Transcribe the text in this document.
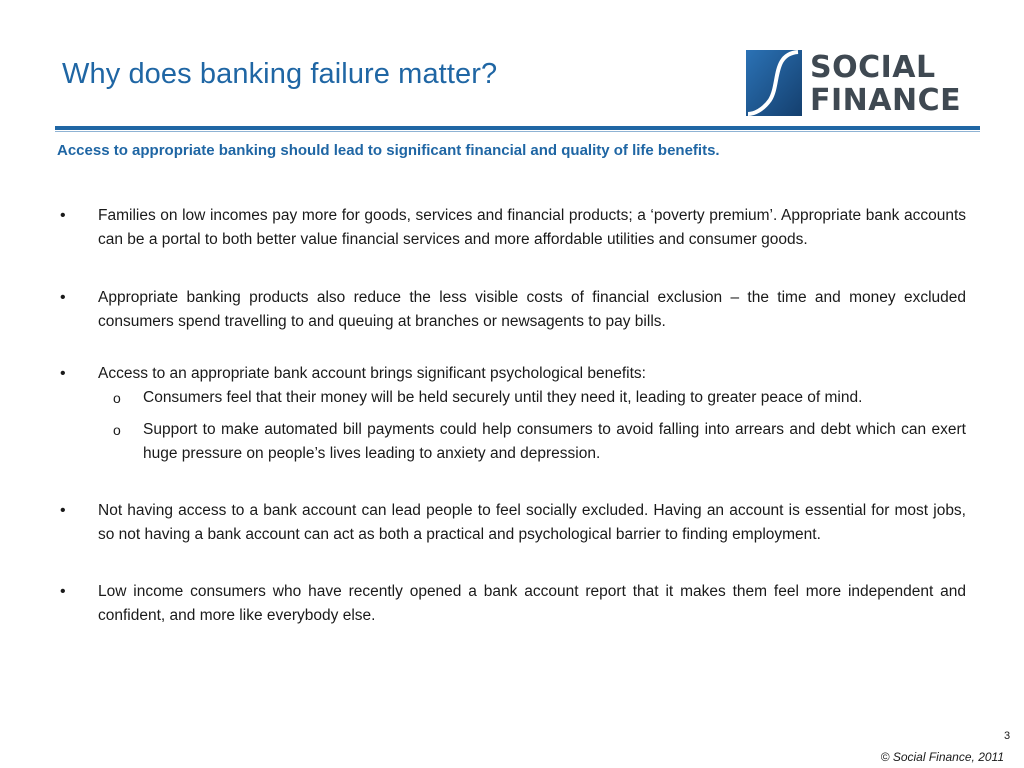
Why does banking failure matter?	SOCIAL
FINANCE

Access to appropriate banking should lead to significant financial and quality of life benefits.

• Families on low incomes pay more for goods, services and financial products; a ‘poverty premium’. Appropriate bank accounts can be a portal to both better value financial services and more affordable utilities and consumer goods.
• Appropriate banking products also reduce the less visible costs of financial exclusion – the time and money excluded consumers spend travelling to and queuing at branches or newsagents to pay bills.
• Access to an appropriate bank account brings significant psychological benefits:
o Consumers feel that their money will be held securely until they need it, leading to greater peace of mind.
o Support to make automated bill payments could help consumers to avoid falling into arrears and debt which can exert huge pressure on people’s lives leading to anxiety and depression.
• Not having access to a bank account can lead people to feel socially excluded. Having an account is essential for most jobs, so not having a bank account can act as both a practical and psychological barrier to finding employment.
• Low income consumers who have recently opened a bank account report that it makes them feel more independent and confident, and more like everybody else.
3
© Social Finance, 2011
